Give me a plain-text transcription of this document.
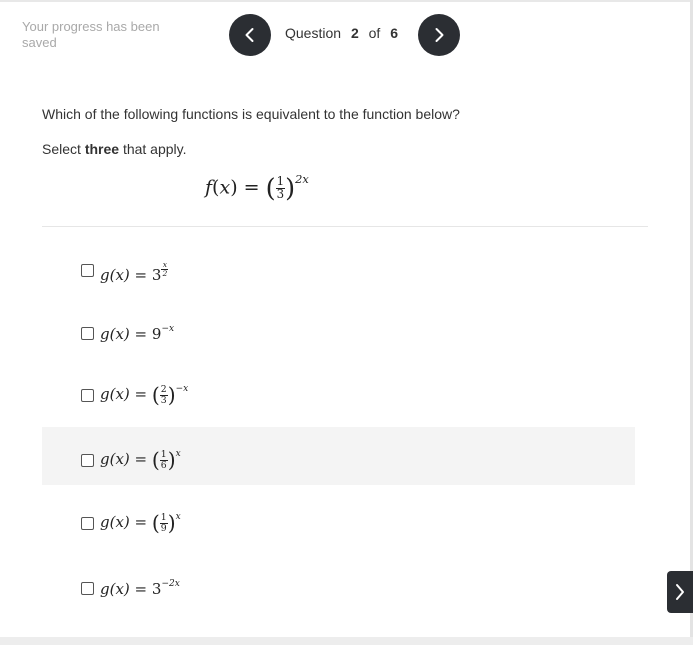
Your progress has been saved
Question 2 of 6
Which of the following functions is equivalent to the function below?
Select three that apply.
f(x) = ( $\frac{1}{3} )^{2x}$
g(x) = 3 $^{\frac{x}{2}}$
$g(x) = 9^{-x}$
g(x) = ( $\frac{2}{3} )^{-x}$
g(x) = ( $\frac{1}{6} )^x$
g(x) = ( $\frac{1}{9} )^x$
$g(x) = 3^{-2x}$
